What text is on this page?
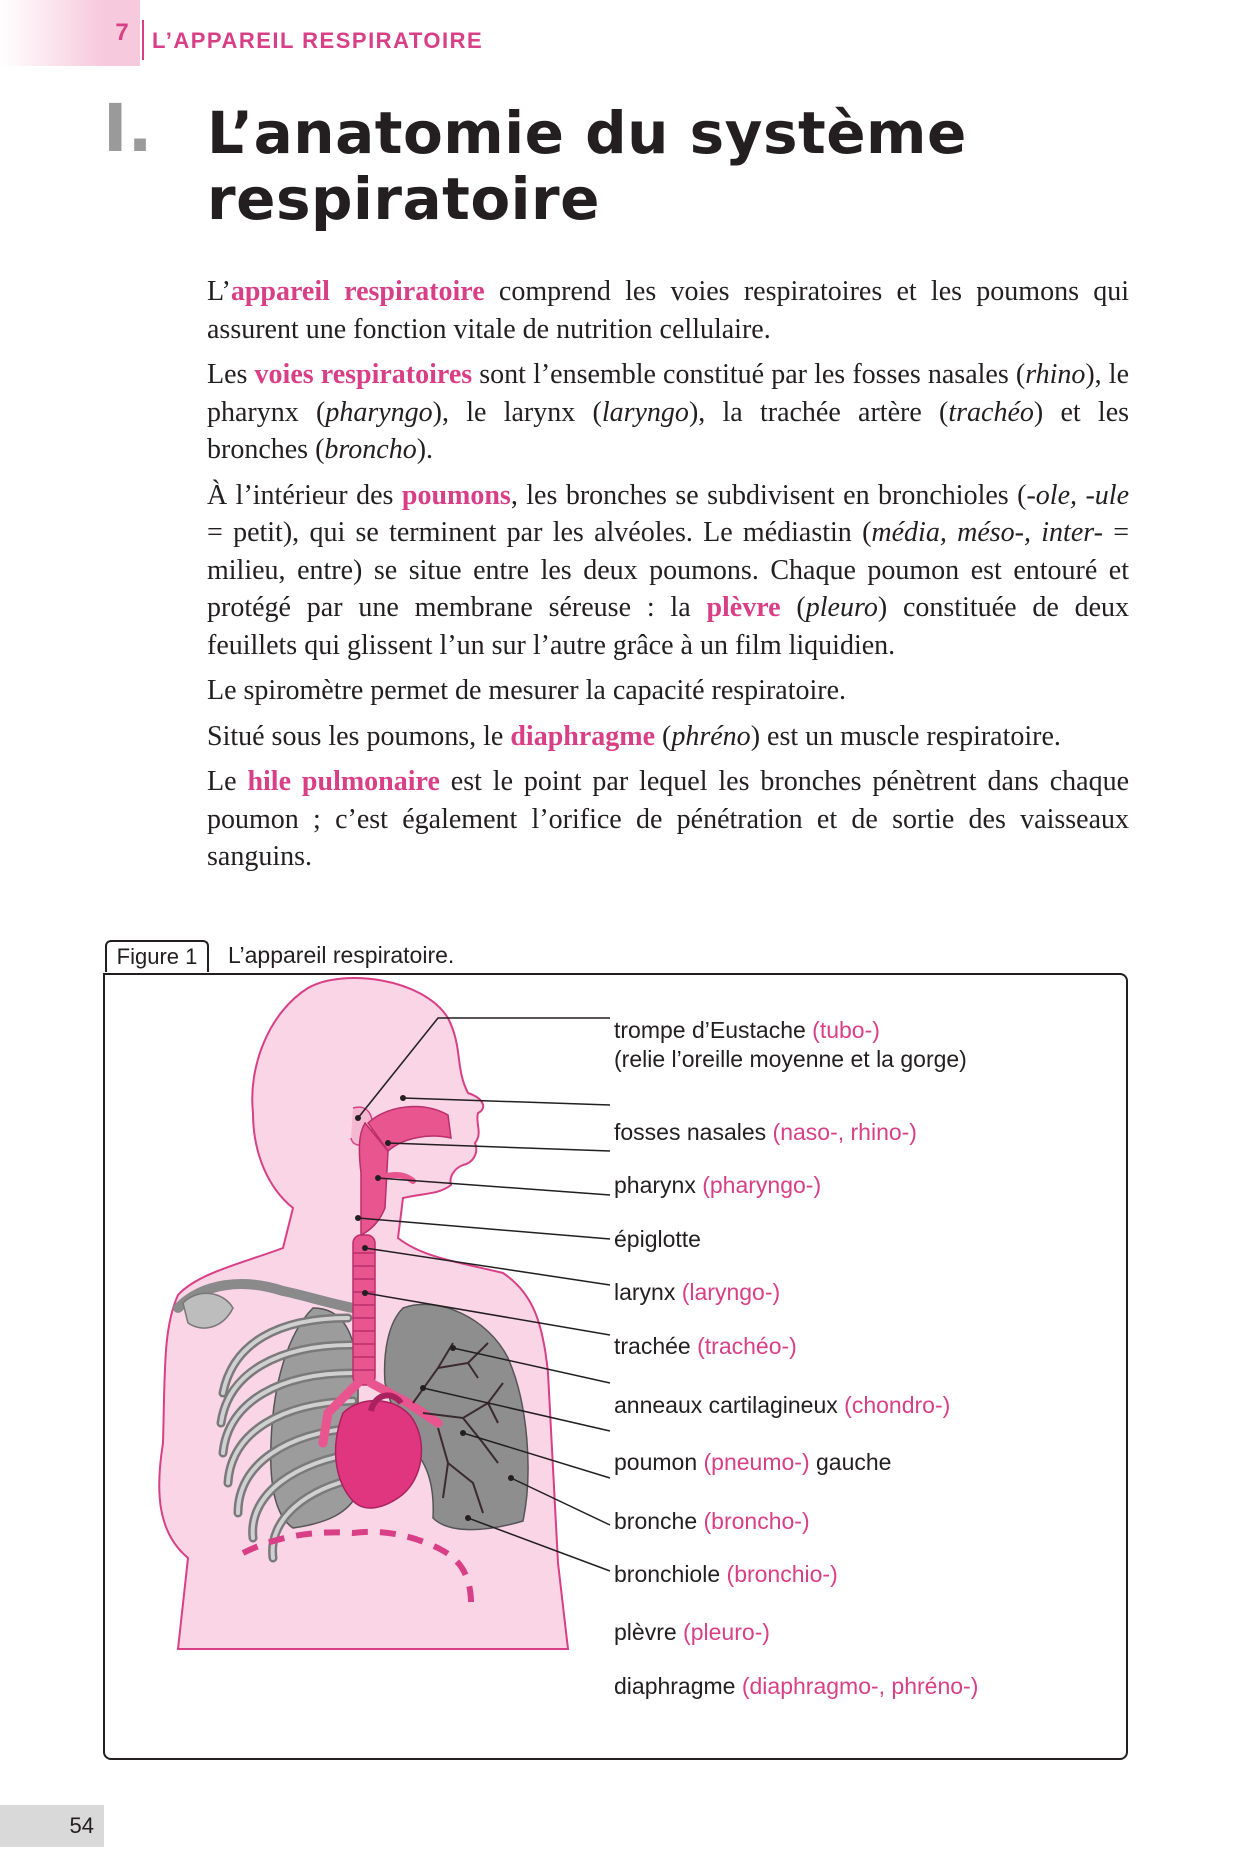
7	L’APPAREIL RESPIRATOIRE
I. L’anatomie du système
respiratoire

L’appareil respiratoire comprend les voies respiratoires et les poumons qui assurent une fonction vitale de nutrition cellulaire.

Les voies respiratoires sont l’ensemble constitué par les fosses nasales (rhino), le pharynx (pharyngo), le larynx (laryngo), la trachée artère (trachéo) et les bronches (broncho).

À l’intérieur des poumons, les bronches se subdivisent en bronchioles (-ole, -ule = petit), qui se terminent par les alvéoles. Le médiastin (média, méso-, inter- = milieu, entre) se situe entre les deux poumons. Chaque poumon est entouré et protégé par une membrane séreuse : la plèvre (pleuro) constituée de deux feuillets qui glissent l’un sur l’autre grâce à un film liquidien.

Le spiromètre permet de mesurer la capacité respiratoire.

Situé sous les poumons, le diaphragme (phréno) est un muscle respiratoire.

Le hile pulmonaire est le point par lequel les bronches pénètrent dans chaque poumon ; c’est également l’orifice de pénétration et de sortie des vaisseaux sanguins.

Figure 1	L’appareil respiratoire.
trompe d’Eustache (tubo-)
(relie l’oreille moyenne et la gorge)
fosses nasales (naso-, rhino-)
pharynx (pharyngo-)
épiglotte
larynx (laryngo-)
trachée (trachéo-)
anneaux cartilagineux (chondro-)
poumon (pneumo-) gauche
bronche (broncho-)
bronchiole (bronchio-)
plèvre (pleuro-)
diaphragme (diaphragmo-, phréno-)
54
